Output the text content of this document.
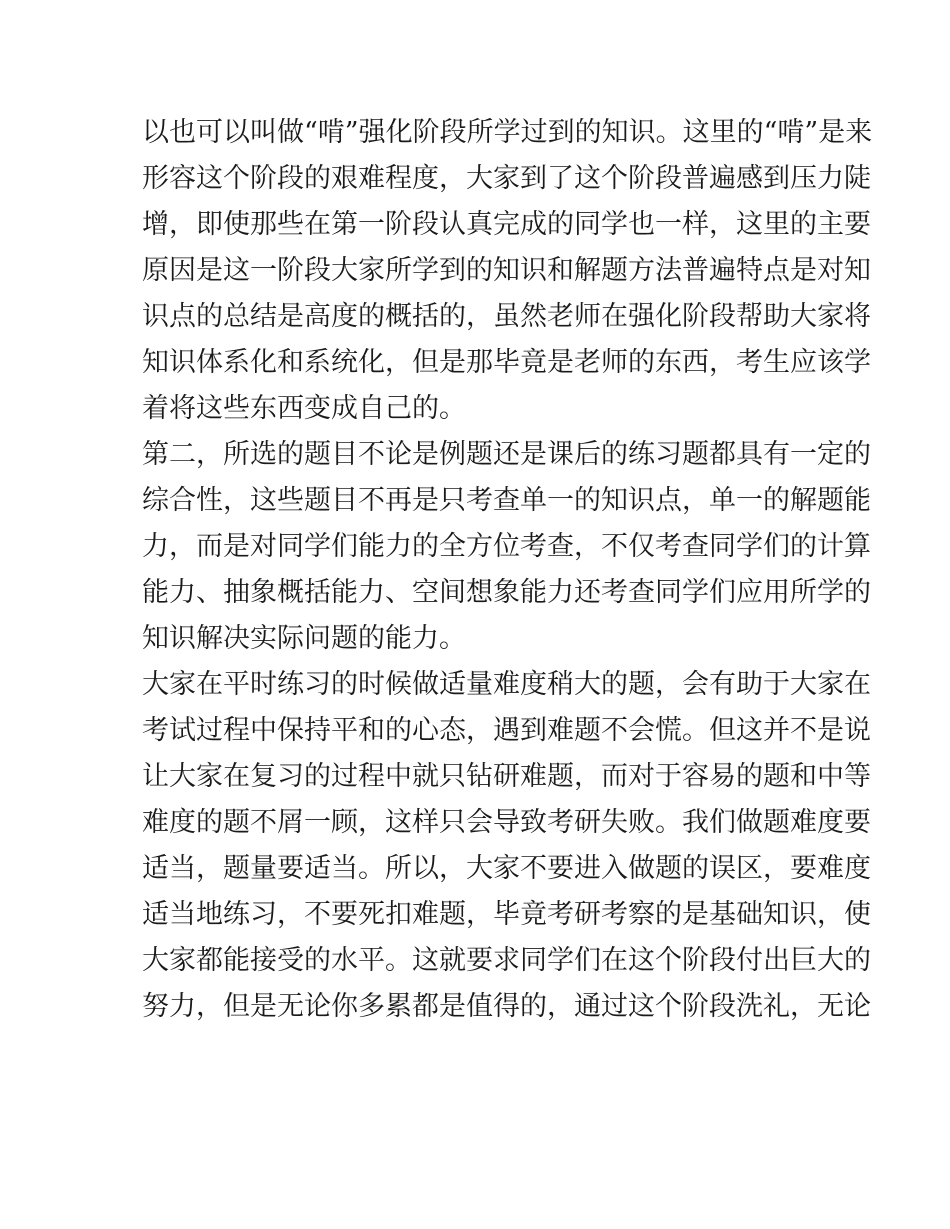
以也可以叫做“啃”强化阶段所学过到的知识。这里的“啃”是来
形容这个阶段的艰难程度，大家到了这个阶段普遍感到压力陡
增，即使那些在第一阶段认真完成的同学也一样，这里的主要
原因是这一阶段大家所学到的知识和解题方法普遍特点是对知
识点的总结是高度的概括的，虽然老师在强化阶段帮助大家将
知识体系化和系统化，但是那毕竟是老师的东西，考生应该学
着将这些东西变成自己的。
第二，所选的题目不论是例题还是课后的练习题都具有一定的
综合性，这些题目不再是只考查单一的知识点，单一的解题能
力，而是对同学们能力的全方位考查，不仅考查同学们的计算
能力、抽象概括能力、空间想象能力还考查同学们应用所学的
知识解决实际问题的能力。
大家在平时练习的时候做适量难度稍大的题，会有助于大家在
考试过程中保持平和的心态，遇到难题不会慌。但这并不是说
让大家在复习的过程中就只钻研难题，而对于容易的题和中等
难度的题不屑一顾，这样只会导致考研失败。我们做题难度要
适当，题量要适当。所以，大家不要进入做题的误区，要难度
适当地练习，不要死扣难题，毕竟考研考察的是基础知识，使
大家都能接受的水平。这就要求同学们在这个阶段付出巨大的
努力，但是无论你多累都是值得的，通过这个阶段洗礼，无论
